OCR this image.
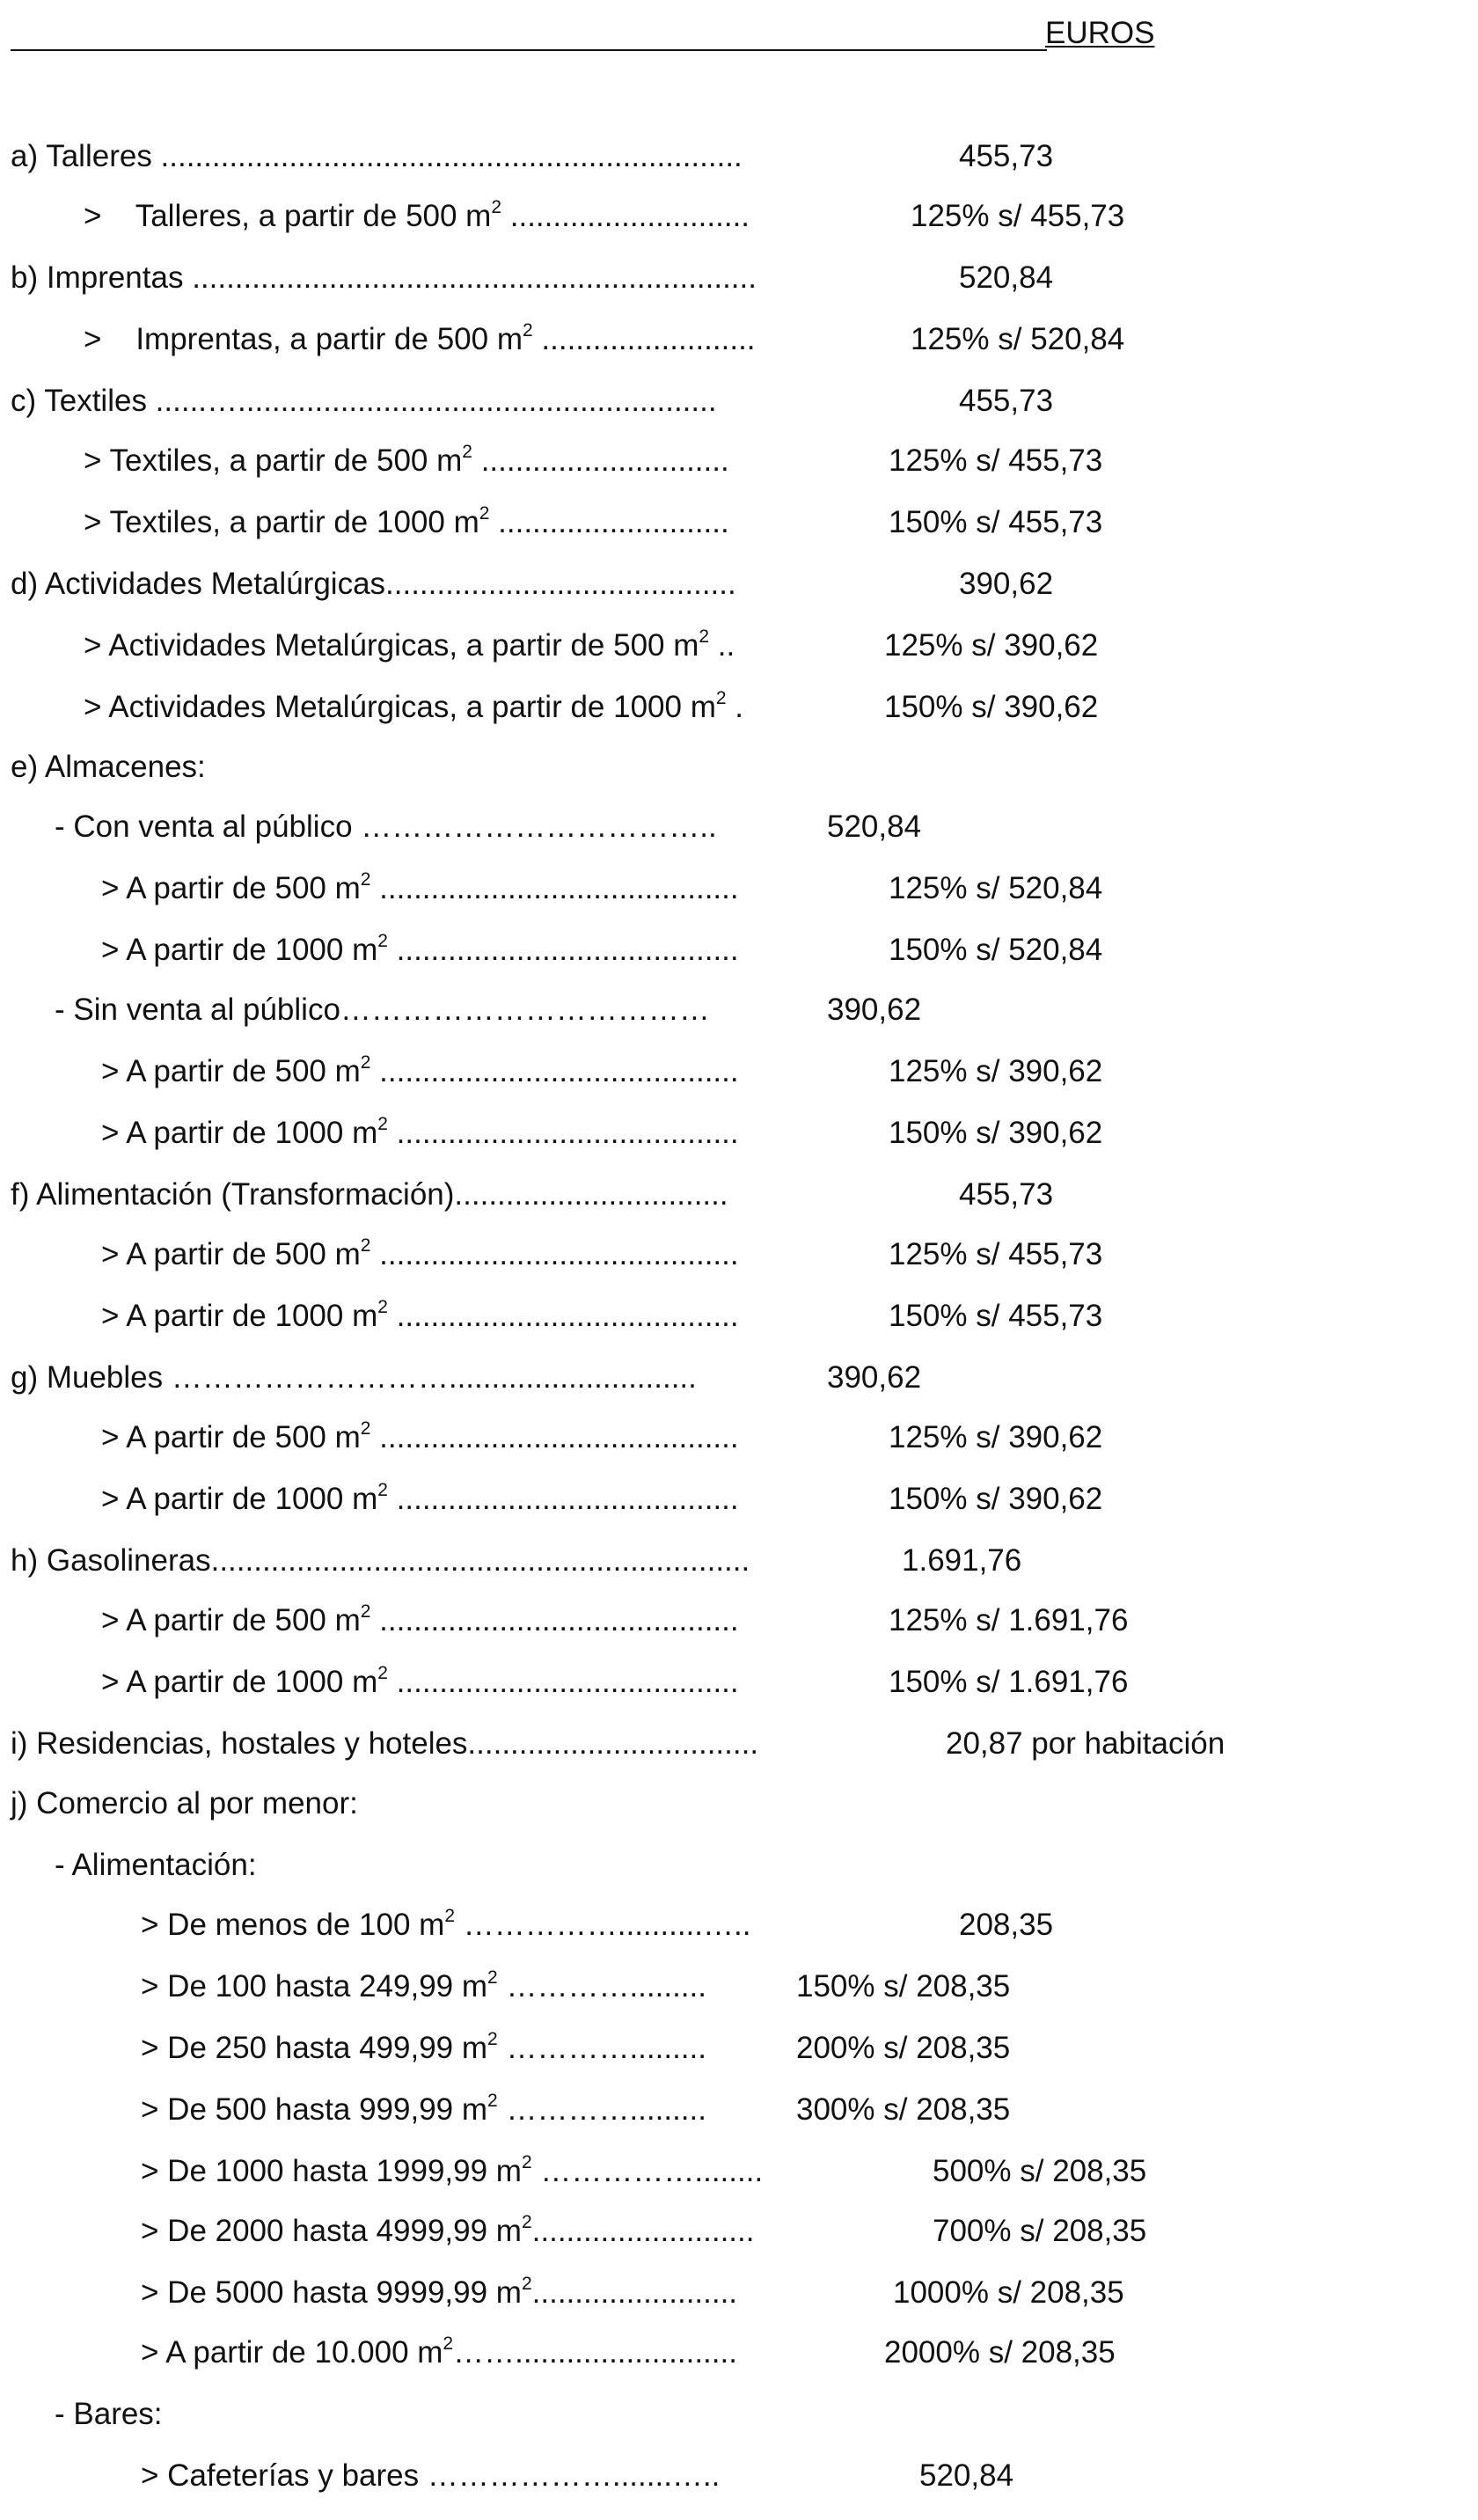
EUROS
a) Talleres ....................................................................	455,73
>    Talleres, a partir de 500 $m^2$ ............................	125% s/ 455,73
b) Imprentas ..................................................................	520,84
>    Imprentas, a partir de 500 $m^2$ .........................	125% s/ 520,84
c) Textiles ......…........................................................	455,73
> Textiles, a partir de 500 $m^2$ .............................	125% s/ 455,73
> Textiles, a partir de 1000 $m^2$ ...........................	150% s/ 455,73
d) Actividades Metalúrgicas.........................................	390,62
> Actividades Metalúrgicas, a partir de 500 $m^2$ ..	125% s/ 390,62
> Actividades Metalúrgicas, a partir de 1000 $m^2$ .	150% s/ 390,62
e) Almacenes:
- Con venta al público ……………………………..	520,84
> A partir de 500 $m^2$ ..........................................	125% s/ 520,84
> A partir de 1000 $m^2$ ........................................	150% s/ 520,84
- Sin venta al público………………………………	390,62
> A partir de 500 $m^2$ ..........................................	125% s/ 390,62
> A partir de 1000 $m^2$ ........................................	150% s/ 390,62
f) Alimentación (Transformación)................................	455,73
> A partir de 500 $m^2$ ..........................................	125% s/ 455,73
> A partir de 1000 $m^2$ ........................................	150% s/ 455,73
g) Muebles ……………………….............................	390,62
> A partir de 500 $m^2$ ..........................................	125% s/ 390,62
> A partir de 1000 $m^2$ ........................................	150% s/ 390,62
h) Gasolineras...............................................................	1.691,76
> A partir de 500 $m^2$ ..........................................	125% s/ 1.691,76
> A partir de 1000 $m^2$ ........................................	150% s/ 1.691,76
i) Residencias, hostales y hoteles..................................	20,87 por habitación
j) Comercio al por menor:
- Alimentación:
> De menos de 100 $m^2$ ……………..........…..	208,35
> De 100 hasta 249,99 $m^2$ ………….........	150% s/ 208,35
> De 250 hasta 499,99 $m^2$ ………….........	200% s/ 208,35
> De 500 hasta 999,99 $m^2$ ………….........	300% s/ 208,35
> De 1000 hasta 1999,99 $m^2$ ……………........	500% s/ 208,35
> De 2000 hasta 4999,99 $m^2$..........................	700% s/ 208,35
> De 5000 hasta 9999,99 $m^2$........................	1000% s/ 208,35
> A partir de 10.000 $m^2\dots\dots$..........................	2000% s/ 208,35
- Bares:
> Cafeterías y bares ……………….......…..	520,84
